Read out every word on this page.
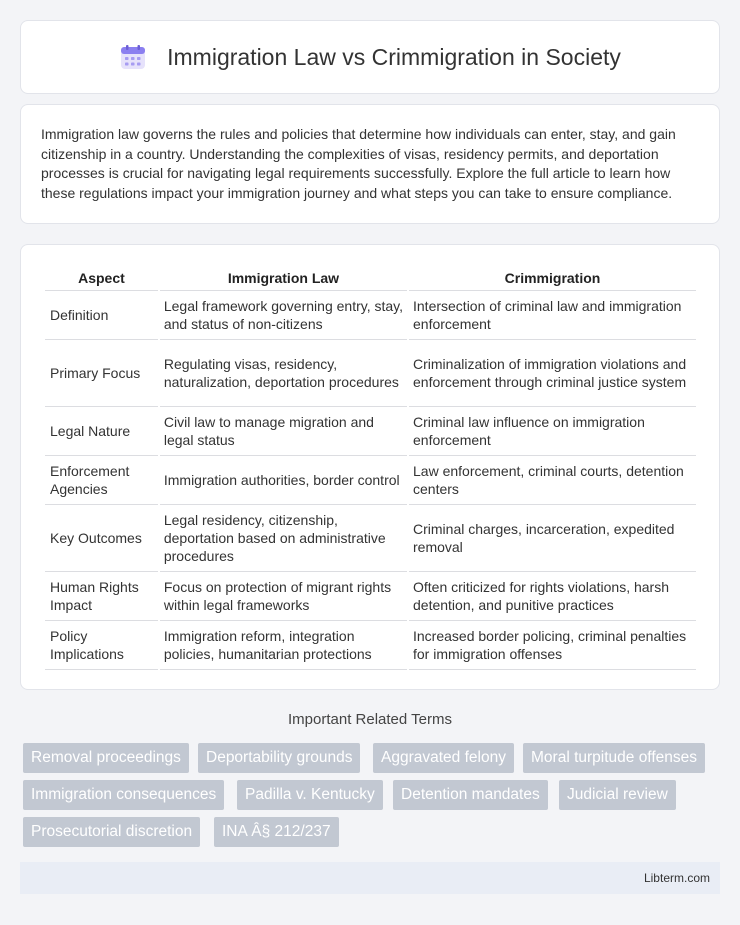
Immigration Law vs Crimmigration in Society

Immigration law governs the rules and policies that determine how individuals can enter, stay, and gain citizenship in a country. Understanding the complexities of visas, residency permits, and deportation processes is crucial for navigating legal requirements successfully. Explore the full article to learn how these regulations impact your immigration journey and what steps you can take to ensure compliance.

Aspect	Immigration Law	Crimmigration
Definition	Legal framework governing entry, stay, and status of non-citizens	Intersection of criminal law and immigration enforcement
Primary Focus	Regulating visas, residency, naturalization, deportation procedures	Criminalization of immigration violations and enforcement through criminal justice system
Legal Nature	Civil law to manage migration and legal status	Criminal law influence on immigration enforcement
Enforcement Agencies	Immigration authorities, border control	Law enforcement, criminal courts, detention centers
Key Outcomes	Legal residency, citizenship, deportation based on administrative procedures	Criminal charges, incarceration, expedited removal
Human Rights Impact	Focus on protection of migrant rights within legal frameworks	Often criticized for rights violations, harsh detention, and punitive practices
Policy Implications	Immigration reform, integration policies, humanitarian protections	Increased border policing, criminal penalties for immigration offenses
Important Related Terms
Removal proceedings	Deportability grounds	Aggravated felony	Moral turpitude offenses
Immigration consequences	Padilla v. Kentucky	Detention mandates	Judicial review
Prosecutorial discretion	INA Â§ 212/237
Libterm.com
